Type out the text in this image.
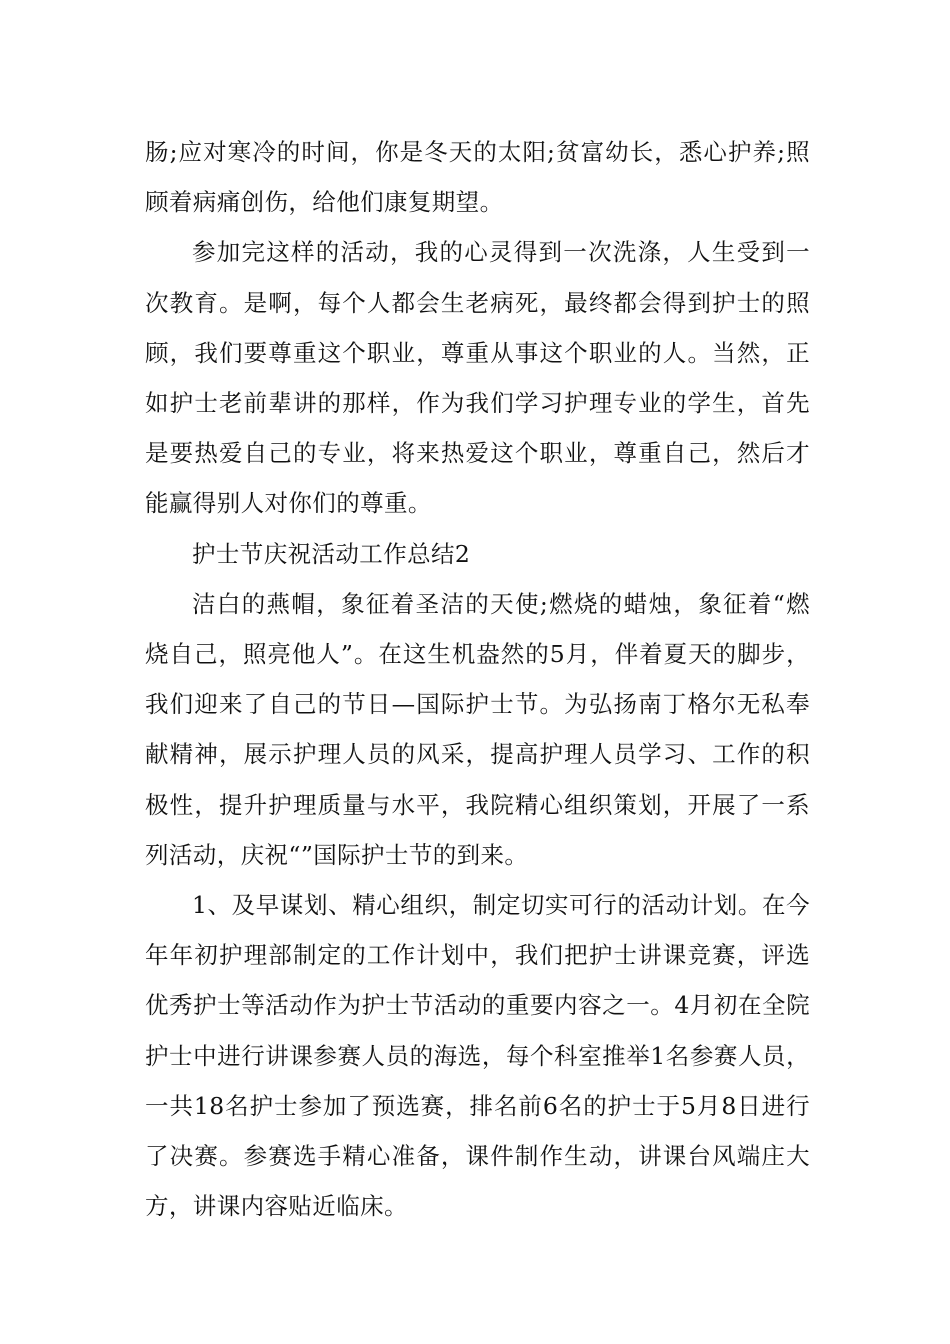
肠;应对寒冷的时间，你是冬天的太阳;贫富幼长，悉心护养;照顾着病痛创伤，给他们康复期望。

参加完这样的活动，我的心灵得到一次洗涤，人生受到一次教育。是啊，每个人都会生老病死，最终都会得到护士的照顾，我们要尊重这个职业，尊重从事这个职业的人。当然，正如护士老前辈讲的那样，作为我们学习护理专业的学生，首先是要热爱自己的专业，将来热爱这个职业，尊重自己，然后才能赢得别人对你们的尊重。

护士节庆祝活动工作总结2

洁白的燕帽，象征着圣洁的天使;燃烧的蜡烛，象征着“燃烧自己，照亮他人”。在这生机盎然的5月，伴着夏天的脚步，我们迎来了自己的节日—国际护士节。为弘扬南丁格尔无私奉献精神，展示护理人员的风采，提高护理人员学习、工作的积极性，提升护理质量与水平，我院精心组织策划，开展了一系列活动，庆祝“”国际护士节的到来。

1、及早谋划、精心组织，制定切实可行的活动计划。在今年年初护理部制定的工作计划中，我们把护士讲课竞赛，评选优秀护士等活动作为护士节活动的重要内容之一。4月初在全院护士中进行讲课参赛人员的海选，每个科室推举1名参赛人员，一共18名护士参加了预选赛，排名前6名的护士于5月8日进行了决赛。参赛选手精心准备，课件制作生动，讲课台风端庄大方，讲课内容贴近临床。
